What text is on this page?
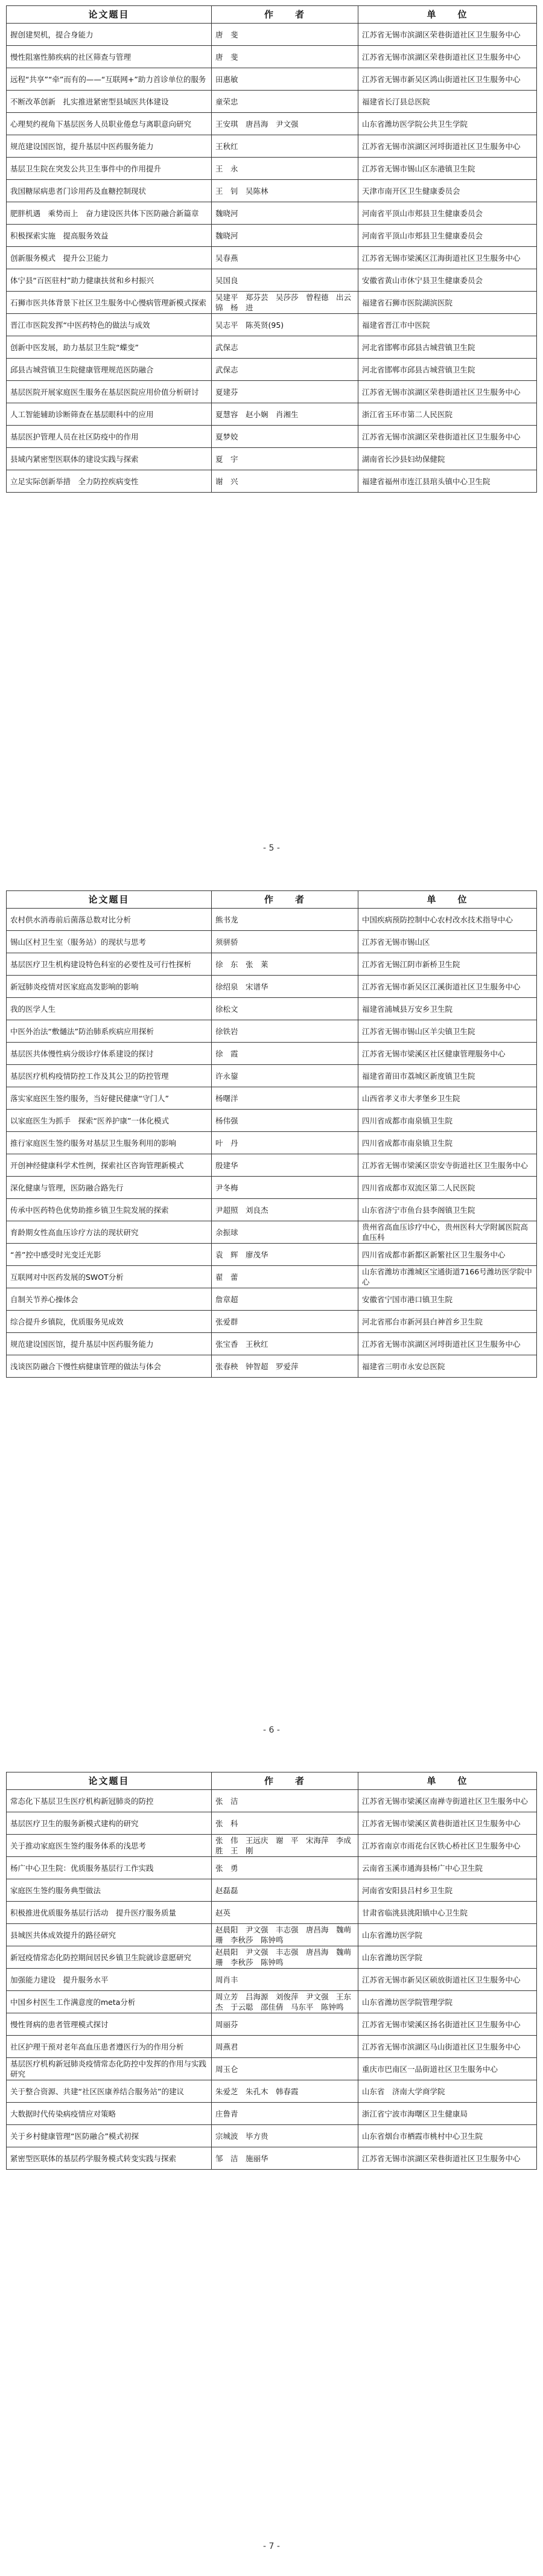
论文题目	作　　者	单　　位
握创建契机，提合身能力	唐　斐	江苏省无锡市滨湖区荣巷街道社区卫生服务中心
慢性阻塞性肺疾病的社区筛查与管理	唐　斐	江苏省无锡市滨湖区荣巷街道社区卫生服务中心
远程“共享”“牵”而有的——“互联网+”助力首诊单位的服务	田惠敏	江苏省无锡市新吴区鸿山街道社区卫生服务中心
不断改革创新　扎实推进紧密型县域医共体建设	童荣忠	福建省长汀县总医院
心理契约视角下基层医务人员职业倦怠与离职意向研究	王安琪　唐昌海　尹文强	山东省潍坊医学院公共卫生学院
规范建设国医馆，提升基层中医药服务能力	王秋红	江苏省无锡市滨湖区河埒街道社区卫生服务中心
基层卫生院在突发公共卫生事件中的作用提升	王　永	江苏省无锡市锡山区东港镇卫生院
我国糖尿病患者门诊用药及血糖控制现状	王　钊　吴陈林	天津市南开区卫生健康委员会
肥胖机遇　乘势而上　奋力建设医共体下医防融合新篇章	魏晓河	河南省平顶山市郏县卫生健康委员会
积极探索实施　提高服务效益	魏晓河	河南省平顶山市郏县卫生健康委员会
创新服务模式　提升公卫能力	吴春燕	江苏省无锡市梁溪区江海街道社区卫生服务中心
体宁县“百医驻村”助力健康扶贫和乡村振兴	吴国良	安徽省黄山市休宁县卫生健康委员会
石狮市医共体背景下社区卫生服务中心慢病管理新模式探索	吴建平　郑芬芸　吴莎莎　曾程德　出云锦　杨　进	福建省石狮市医院湖滨医院
晋江市医院发挥“中医药特色的做法与成效	吴志平　陈英贤(95)	福建省晋江市中医院
创新中医发展，助力基层卫生院“蝶变”	武保志	河北省邯郸市邱县古城营镇卫生院
邱县古城营镇卫生院健康管理规范医防融合	武保志	河北省邯郸市邱县古城营镇卫生院
基层医院开展家庭医生服务在基层医院应用价值分析研讨	夏建芬	江苏省无锡市滨湖区荣巷街道社区卫生服务中心
人工智能辅助诊断筛查在基层眼科中的应用	夏慧容　赵小娴　肖湘生	浙江省玉环市第二人民医院
基层医护管理人员在社区防疫中的作用	夏梦姣	江苏省无锡市滨湖区荣巷街道社区卫生服务中心
县域内紧密型医联体的建设实践与探索	夏　宇	湖南省长沙县妇幼保健院
立足实际创新举措　全力防控疾病变性	谢　兴	福建省福州市连江县琯头镇中心卫生院
- 5 -
论文题目	作　　者	单　　位
农村供水消毒前后菌落总数对比分析	熊书龙	中国疾病预防控制中心农村改水技术指导中心
锡山区村卫生室（服务站）的现状与思考	须骈骄	江苏省无锡市锡山区
基层医疗卫生机构建设特色科室的必要性及可行性探析	徐　东　张　莱	江苏省无锡江阴市新桥卫生院
新冠肺炎疫情对医家庭高发影响的影响	徐绍泉　宋谱华	江苏省无锡市新吴区江溪街道社区卫生服务中心
我的医学人生	徐松文	福建省浦城县万安乡卫生院
中医外治法“敷熥法”防治肺系疾病应用探析	徐铁岩	江苏省无锡市锡山区羊尖镇卫生院
基层医共体慢性病分级诊疗体系建设的探讨	徐　霞	江苏省无锡市梁溪区社区健康管理服务中心
基层医疗机构疫情防控工作及其公卫的防控管理	许永鋆	福建省莆田市荔城区新度镇卫生院
落实家庭医生签约服务，当好健民健康“守门人”	杨曙洋	山西省孝义市大孝堡乡卫生院
以家庭医生为抓手　探索“医养护康”一体化模式	杨伟强	四川省成都市南泉镇卫生院
推行家庭医生签约服务对基层卫生服务利用的影响	叶　丹	四川省成都市南泉镇卫生院
开创神经健康科学术性例，探索社区咨询管理新模式	殷建华	江苏省无锡市梁溪区崇安寺街道社区卫生服务中心
深化健康与管理，医防融合路先行	尹冬梅	四川省成都市双流区第二人民医院
传承中医药特色优势助推乡镇卫生院发展的探索	尹超照　刘良杰	山东省济宁市鱼台县李阁镇卫生院
育龄期女性高血压诊疗方法的现状研究	余振球	贵州省高血压诊疗中心，贵州医科大学附属医院高血压科
“善”控中感受时光变迁光影	袁　辉　廖茂华	四川省成都市新都区新繁社区卫生服务中心
互联网对中医药发展的SWOT分析	翟　蕾	山东省潍坊市潍城区宝通街道7166号潍坊医学院中心
自制关节养心操体会	詹章超	安徽省宁国市港口镇卫生院
综合提升乡镇院，优质服务见成效	张爱群	河北省邢台市新河县白神首乡卫生院
规范建设国医馆，提升基层中医药服务能力	张宝香　王秋红	江苏省无锡市滨湖区河埒街道社区卫生服务中心
浅谈医防融合下慢性病健康管理的做法与体会	张春秧　钟智超　罗爱萍	福建省三明市永安总医院
- 6 -
论文题目	作　　者	单　　位
常态化下基层卫生医疗机构新冠肺炎的防控	张　洁	江苏省无锡市梁溪区南禅寺街道社区卫生服务中心
基层医疗卫生的服务新模式建构的研究	张　科	江苏省无锡市梁溪区黄巷街道社区卫生服务中心
关于推动家庭医生签约服务体系的浅思考	张　伟　王远庆　谢　平　宋海萍　李成胜　王　刚	江苏省南京市雨花台区铁心桥社区卫生服务中心
杨广中心卫生院：优质服务基层行工作实践	张　勇	云南省玉溪市通海县杨广中心卫生院
家庭医生签约服务典型做法	赵磊磊	河南省安阳县吕村乡卫生院
积极推进优质服务基层行活动　提升医疗服务质量	赵英	甘肃省临洮县洮阳镇中心卫生院
县城医共体成效提升的路径研究	赵晨阳　尹文强　丰志强　唐昌海　魏萌珊　李秋莎　陈钟鸣	山东省潍坊医学院
新冠疫情常态化防控期间居民乡镇卫生院就诊意愿研究	赵晨阳　尹文强　丰志强　唐昌海　魏萌珊　李秋莎　陈钟鸣	山东省潍坊医学院
加强能力建设　提升服务水平	周肖丰	江苏省无锡市新吴区硕放街道社区卫生服务中心
中国乡村医生工作满意度的meta分析	周立芳　吕海源　刘俊萍　尹文强　王东杰　于云聪　邵佳倩　马东平　陈钟鸣	山东省潍坊医学院管理学院
慢性肾病的患者管理模式探讨	周丽芬	江苏省无锡市梁溪区扬名街道社区卫生服务中心
社区护理干预对老年高血压患者遵医行为的作用分析	周燕君	江苏省无锡市滨湖区马山街道社区卫生服务中心
基层医疗机构新冠肺炎疫情常态化防控中发挥的作用与实践研究	周玉仑	重庆市巴南区一品街道社区卫生服务中心
关于整合资源、共建“社区医康养结合服务站”的建议	朱爱芝　朱孔木　韩春霞	山东省　济南大学商学院
大数据时代传染病疫情应对策略	庄鲁青	浙江省宁波市海曙区卫生健康局
关于乡村健康管理“医防融合”模式初探	宗城波　毕方贵	山东省烟台市栖霞市桃村中心卫生院
紧密型医联体的基层药学服务模式转变实践与探索	邹　洁　施丽华	江苏省无锡市滨湖区荣巷街道社区卫生服务中心
- 7 -
